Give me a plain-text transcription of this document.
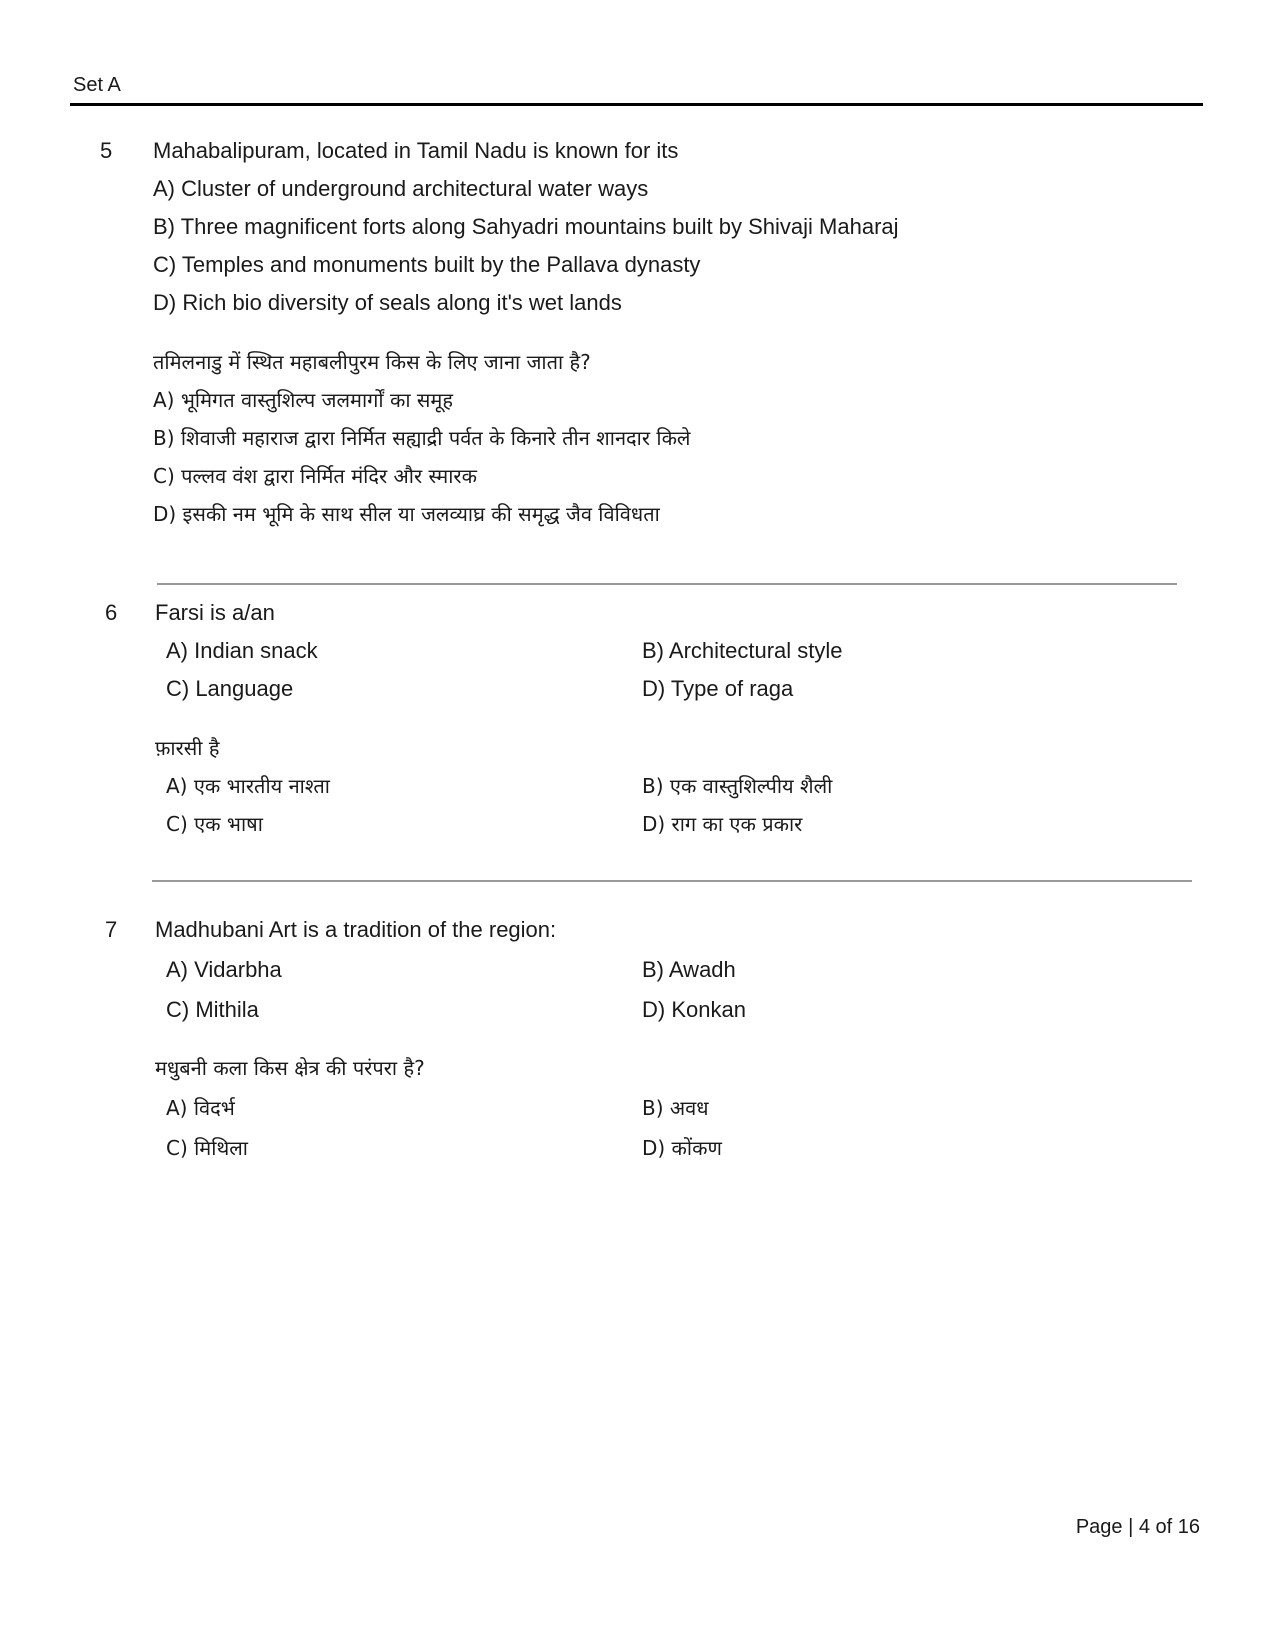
Set A
5 Mahabalipuram, located in Tamil Nadu is known for its
A) Cluster of underground architectural water ways
B) Three magnificent forts along Sahyadri mountains built by Shivaji Maharaj
C) Temples and monuments built by the Pallava dynasty
D) Rich bio diversity of seals along it's wet lands
तमिलनाडु में स्थित महाबलीपुरम किस के लिए जाना जाता है?
A) भूमिगत वास्तुशिल्प जलमार्गों का समूह
B) शिवाजी महाराज द्वारा निर्मित सह्याद्री पर्वत के किनारे तीन शानदार किले
C) पल्लव वंश द्वारा निर्मित मंदिर और स्मारक
D) इसकी नम भूमि के साथ सील या जलव्याघ्र की समृद्ध जैव विविधता
6 Farsi is a/an
A) Indian snack	B) Architectural style
C) Language	D) Type of raga
फ़ारसी है
A) एक भारतीय नाश्ता	B) एक वास्तुशिल्पीय शैली
C) एक भाषा	D) राग का एक प्रकार
7 Madhubani Art is a tradition of the region:
A) Vidarbha	B) Awadh
C) Mithila	D) Konkan
मधुबनी कला किस क्षेत्र की परंपरा है?
A) विदर्भ	B) अवध
C) मिथिला	D) कोंकण
Page | 4 of 16
